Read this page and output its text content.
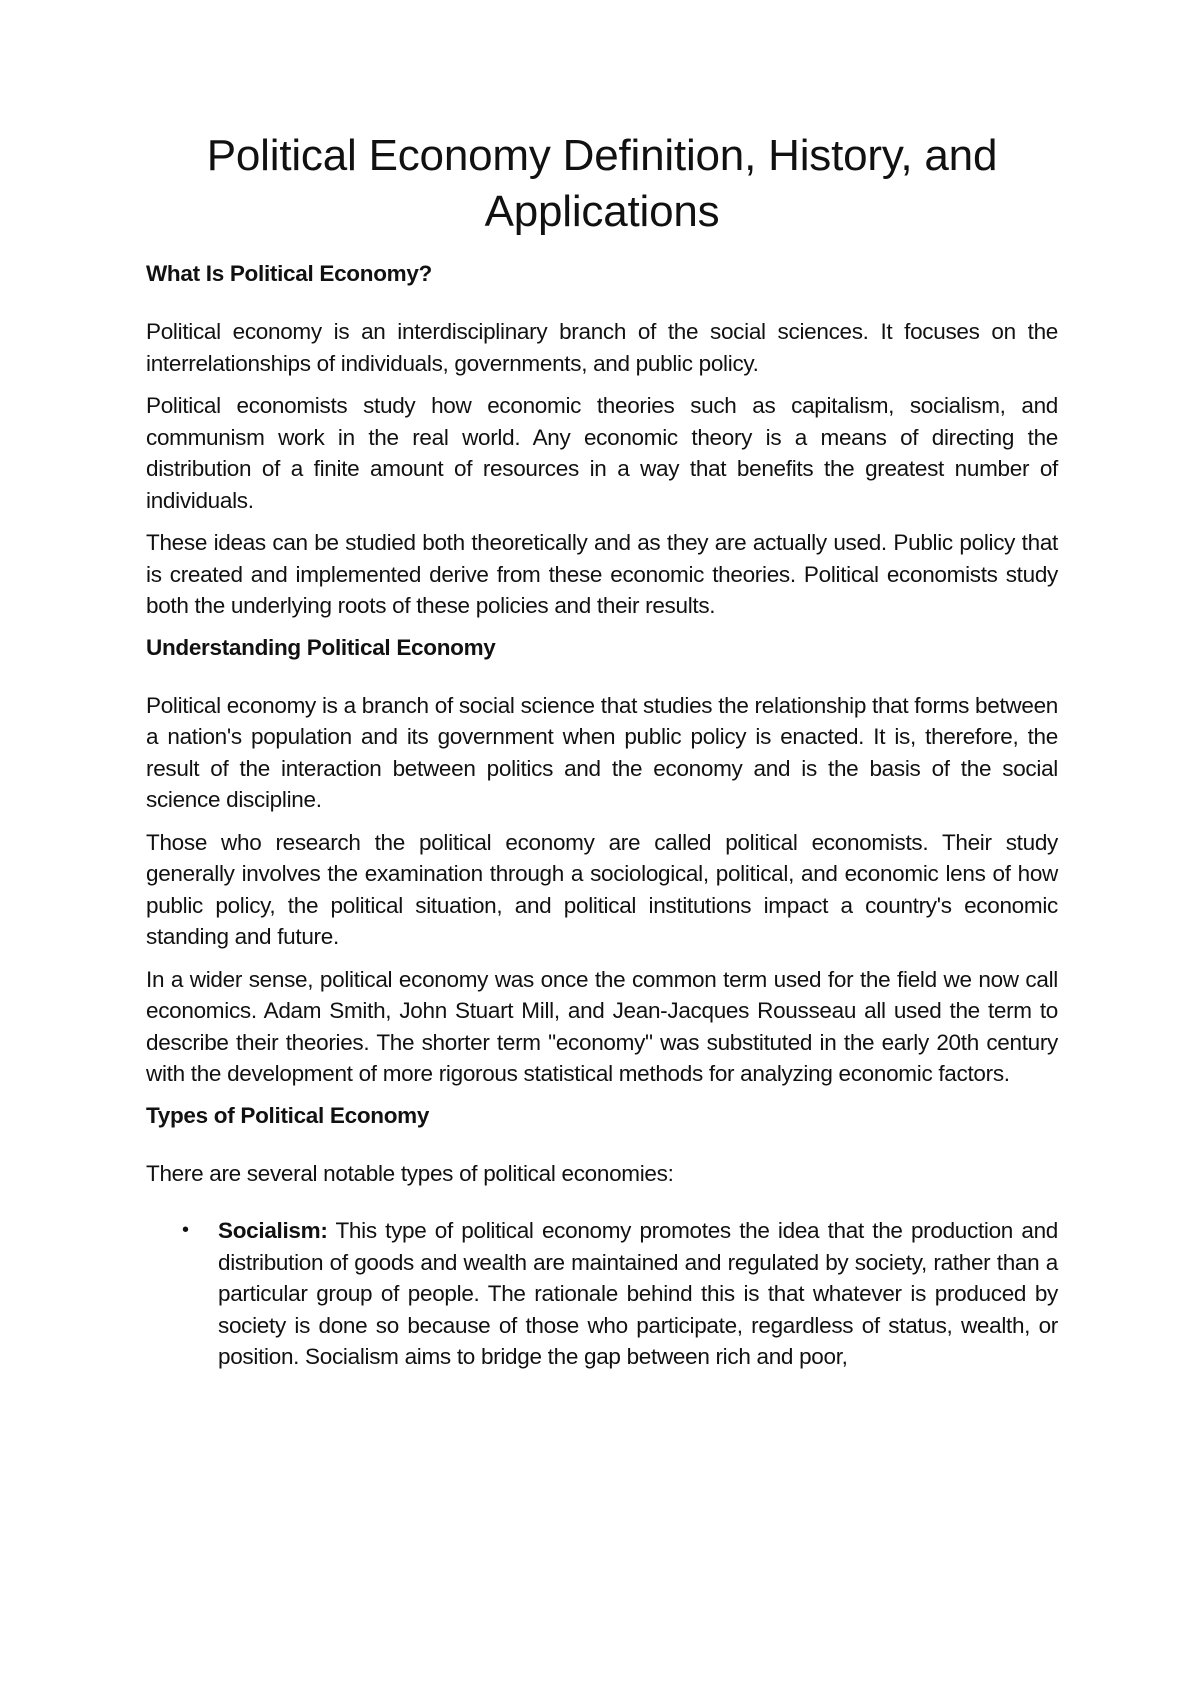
Political Economy Definition, History, and Applications
What Is Political Economy?

Political economy is an interdisciplinary branch of the social sciences. It focuses on the interrelationships of individuals, governments, and public policy.

Political economists study how economic theories such as capitalism, socialism, and communism work in the real world. Any economic theory is a means of directing the distribution of a finite amount of resources in a way that benefits the greatest number of individuals.

These ideas can be studied both theoretically and as they are actually used. Public policy that is created and implemented derive from these economic theories. Political economists study both the underlying roots of these policies and their results.

Understanding Political Economy

Political economy is a branch of social science that studies the relationship that forms between a nation's population and its government when public policy is enacted. It is, therefore, the result of the interaction between politics and the economy and is the basis of the social science discipline.

Those who research the political economy are called political economists. Their study generally involves the examination through a sociological, political, and economic lens of how public policy, the political situation, and political institutions impact a country's economic standing and future.

In a wider sense, political economy was once the common term used for the field we now call economics. Adam Smith, John Stuart Mill, and Jean-Jacques Rousseau all used the term to describe their theories. The shorter term "economy" was substituted in the early 20th century with the development of more rigorous statistical methods for analyzing economic factors.

Types of Political Economy

There are several notable types of political economies:

• Socialism: This type of political economy promotes the idea that the production and distribution of goods and wealth are maintained and regulated by society, rather than a particular group of people. The rationale behind this is that whatever is produced by society is done so because of those who participate, regardless of status, wealth, or position. Socialism aims to bridge the gap between rich and poor,
